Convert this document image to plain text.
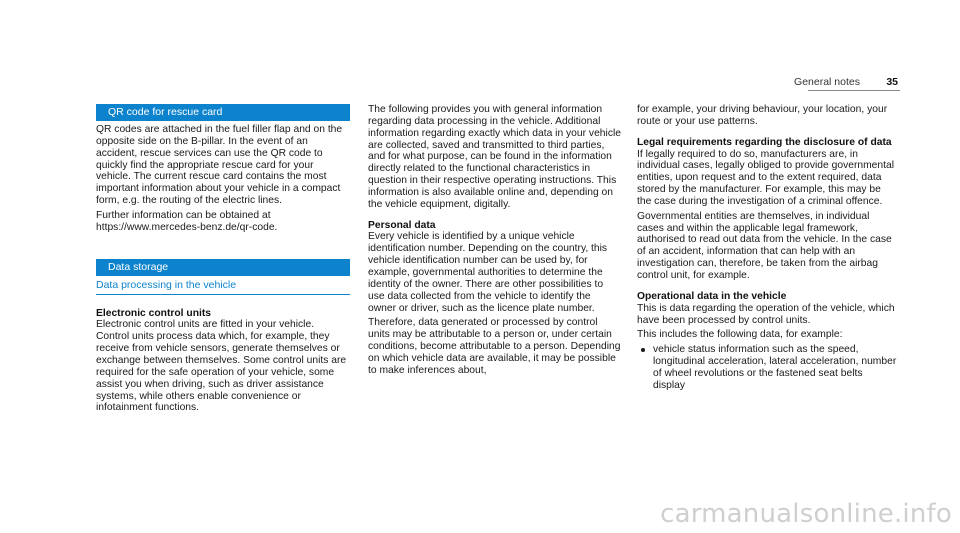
General notes	35
QR code for rescue card

QR codes are attached in the fuel filler flap and on the opposite side on the B-pillar. In the event of an accident, rescue services can use the QR code to quickly find the appropriate rescue card for your vehicle. The current rescue card contains the most important information about your vehicle in a compact form, e.g. the routing of the electric lines.

Further information can be obtained at https://www.mercedes-benz.de/qr-code.

Data storage
Data processing in the vehicle
Electronic control units

Electronic control units are fitted in your vehicle. Control units process data which, for example, they receive from vehicle sensors, generate themselves or exchange between themselves. Some control units are required for the safe operation of your vehicle, some assist you when driving, such as driver assistance systems, while others enable convenience or infotainment functions.

The following provides you with general information regarding data processing in the vehicle. Additional information regarding exactly which data in your vehicle are collected, saved and transmitted to third parties, and for what purpose, can be found in the information directly related to the functional characteristics in question in their respective operating instructions. This information is also available online and, depending on the vehicle equipment, digitally.

Personal data

Every vehicle is identified by a unique vehicle identification number. Depending on the country, this vehicle identification number can be used by, for example, governmental authorities to determine the identity of the owner. There are other possibilities to use data collected from the vehicle to identify the owner or driver, such as the licence plate number.

Therefore, data generated or processed by control units may be attributable to a person or, under certain conditions, become attributable to a person. Depending on which vehicle data are available, it may be possible to make inferences about,

for example, your driving behaviour, your location, your route or your use patterns.

Legal requirements regarding the disclosure of data

If legally required to do so, manufacturers are, in individual cases, legally obliged to provide governmental entities, upon request and to the extent required, data stored by the manufacturer. For example, this may be the case during the investigation of a criminal offence.

Governmental entities are themselves, in individual cases and within the applicable legal framework, authorised to read out data from the vehicle. In the case of an accident, information that can help with an investigation can, therefore, be taken from the airbag control unit, for example.

Operational data in the vehicle

This is data regarding the operation of the vehicle, which have been processed by control units.

This includes the following data, for example:

vehicle status information such as the speed, longitudinal acceleration, lateral acceleration, number of wheel revolutions or the fastened seat belts display
carmanualsonline.info
